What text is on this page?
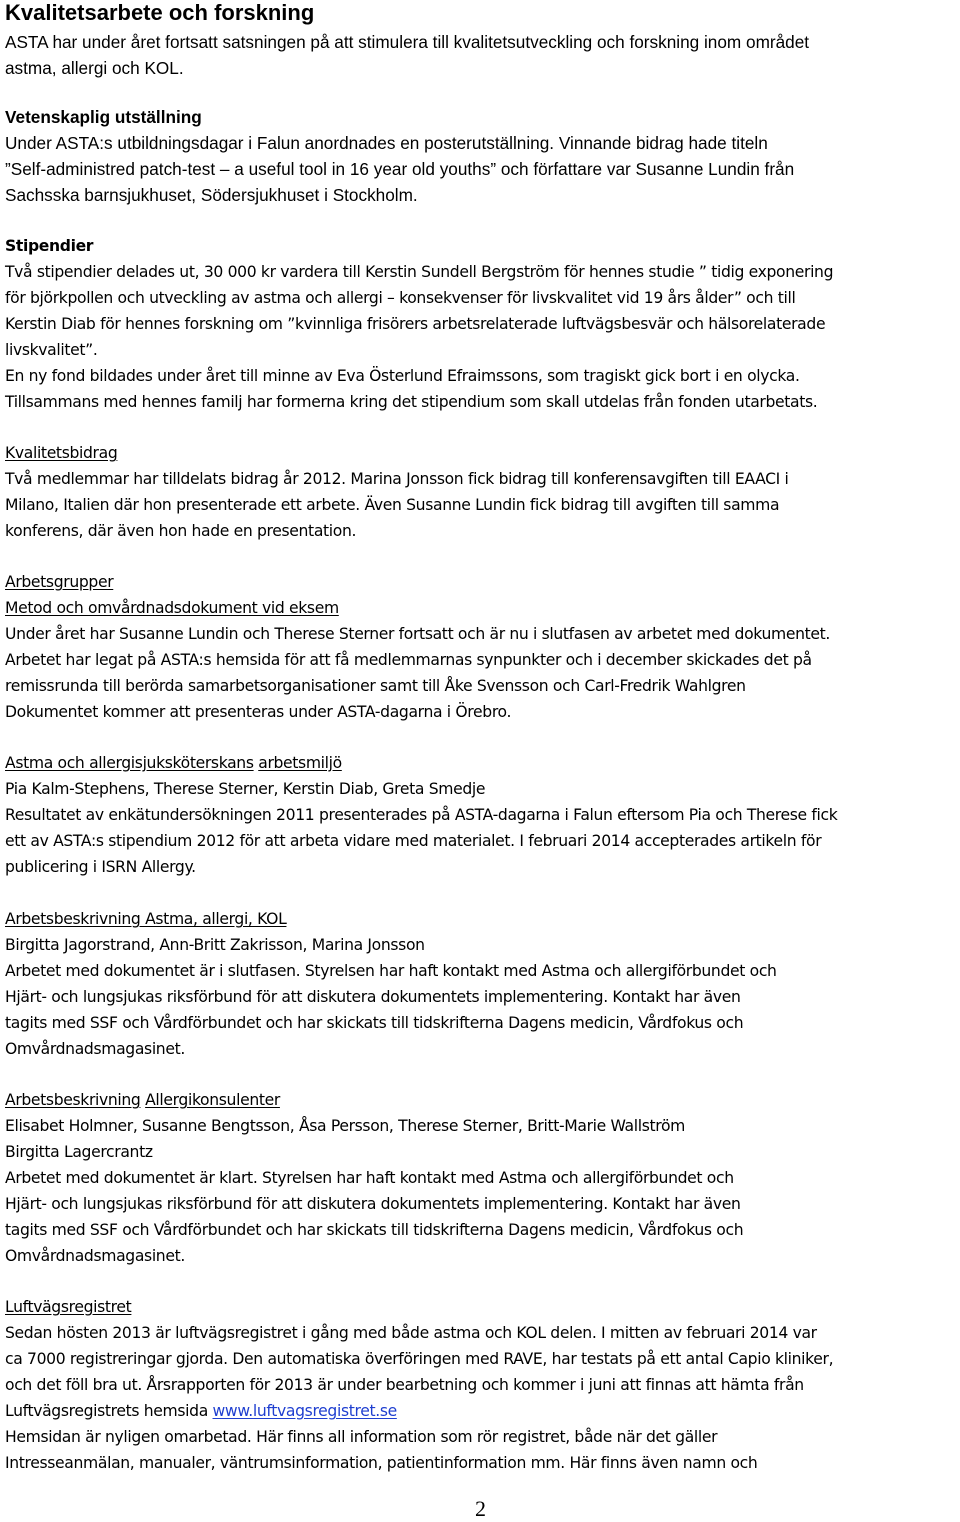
Kvalitetsarbete och forskning
ASTA har under året fortsatt satsningen på att stimulera till kvalitetsutveckling och forskning inom området
astma, allergi och KOL.
Vetenskaplig utställning
Under ASTA:s utbildningsdagar i Falun anordnades en posterutställning. Vinnande bidrag hade titeln
”Self-administred patch-test – a useful tool in 16 year old youths” och författare var Susanne Lundin från
Sachsska barnsjukhuset, Södersjukhuset i Stockholm.
Stipendier
Två stipendier delades ut, 30 000 kr vardera till Kerstin Sundell Bergström för hennes studie ” tidig exponering
för björkpollen och utveckling av astma och allergi – konsekvenser för livskvalitet vid 19 års ålder” och till
Kerstin Diab för hennes forskning om ”kvinnliga frisörers arbetsrelaterade luftvägsbesvär och hälsorelaterade
livskvalitet”.
En ny fond bildades under året till minne av Eva Österlund Efraimssons, som tragiskt gick bort i en olycka.
Tillsammans med hennes familj har formerna kring det stipendium som skall utdelas från fonden utarbetats.
Kvalitetsbidrag
Två medlemmar har tilldelats bidrag år 2012. Marina Jonsson fick bidrag till konferensavgiften till EAACI i
Milano, Italien där hon presenterade ett arbete. Även Susanne Lundin fick bidrag till avgiften till samma
konferens, där även hon hade en presentation.
Arbetsgrupper
Metod och omvårdnadsdokument vid eksem
Under året har Susanne Lundin och Therese Sterner fortsatt och är nu i slutfasen av arbetet med dokumentet.
Arbetet har legat på ASTA:s hemsida för att få medlemmarnas synpunkter och i december skickades det på
remissrunda till berörda samarbetsorganisationer samt till Åke Svensson och Carl-Fredrik Wahlgren
Dokumentet kommer att presenteras under ASTA-dagarna i Örebro.
Astma och allergisjuksköterskans arbetsmiljö
Pia Kalm-Stephens, Therese Sterner, Kerstin Diab, Greta Smedje
Resultatet av enkätundersökningen 2011 presenterades på ASTA-dagarna i Falun eftersom Pia och Therese fick
ett av ASTA:s stipendium 2012 för att arbeta vidare med materialet. I februari 2014 accepterades artikeln för
publicering i ISRN Allergy.
Arbetsbeskrivning Astma, allergi, KOL
Birgitta Jagorstrand, Ann-Britt Zakrisson, Marina Jonsson
Arbetet med dokumentet är i slutfasen. Styrelsen har haft kontakt med Astma och allergiförbundet och
Hjärt- och lungsjukas riksförbund för att diskutera dokumentets implementering. Kontakt har även
tagits med SSF och Vårdförbundet och har skickats till tidskrifterna Dagens medicin, Vårdfokus och
Omvårdnadsmagasinet.
Arbetsbeskrivning Allergikonsulenter
Elisabet Holmner, Susanne Bengtsson, Åsa Persson, Therese Sterner, Britt-Marie Wallström
Birgitta Lagercrantz
Arbetet med dokumentet är klart. Styrelsen har haft kontakt med Astma och allergiförbundet och
Hjärt- och lungsjukas riksförbund för att diskutera dokumentets implementering. Kontakt har även
tagits med SSF och Vårdförbundet och har skickats till tidskrifterna Dagens medicin, Vårdfokus och
Omvårdnadsmagasinet.
Luftvägsregistret
Sedan hösten 2013 är luftvägsregistret i gång med både astma och KOL delen. I mitten av februari 2014 var
ca 7000 registreringar gjorda. Den automatiska överföringen med RAVE, har testats på ett antal Capio kliniker,
och det föll bra ut. Årsrapporten för 2013 är under bearbetning och kommer i juni att finnas att hämta från
Luftvägsregistrets hemsida www.luftvagsregistret.se
Hemsidan är nyligen omarbetad. Här finns all information som rör registret, både när det gäller
Intresseanmälan, manualer, väntrumsinformation, patientinformation mm. Här finns även namn och
2
